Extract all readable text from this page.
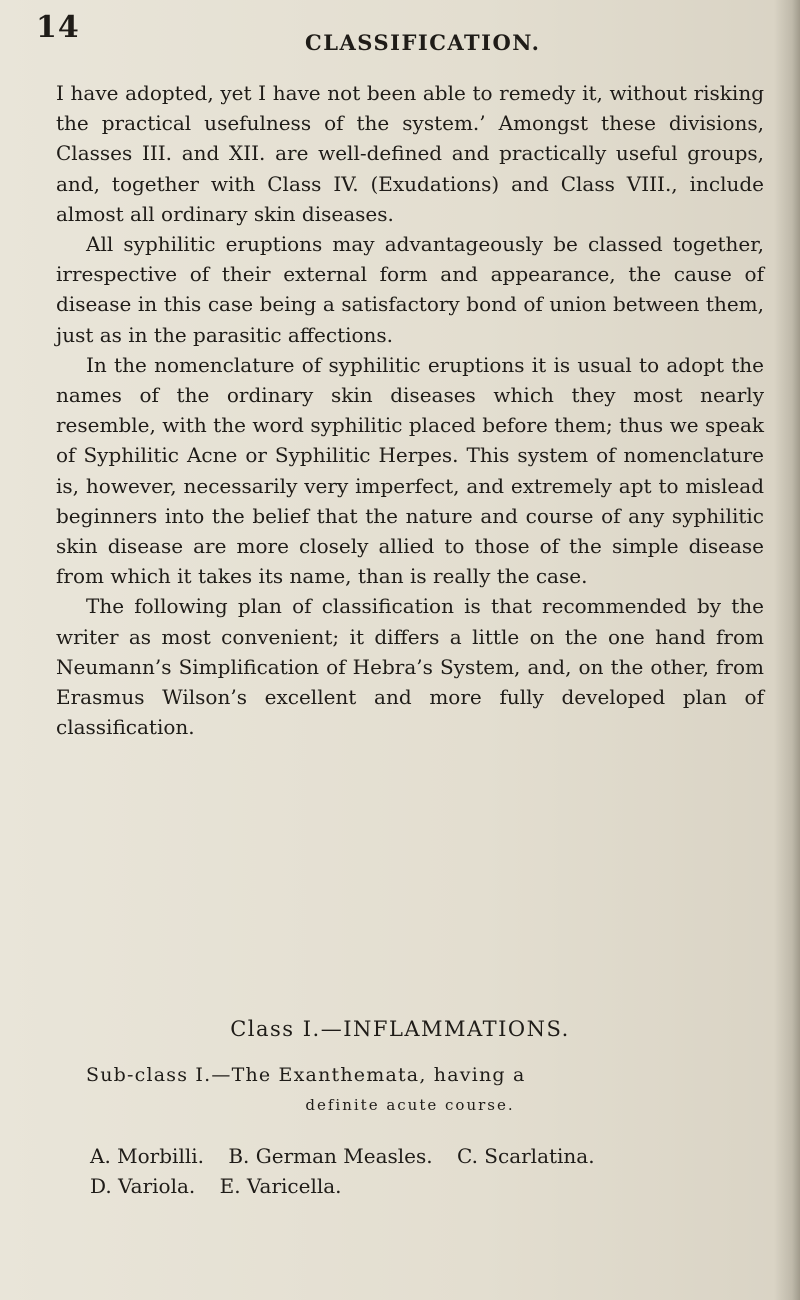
14	CLASSIFICATION.

I have adopted, yet I have not been able to remedy it, without risking the practical usefulness of the system.’ Amongst these divisions, Classes III. and XII. are well-defined and practically useful groups, and, together with Class IV. (Exudations) and Class VIII., include almost all ordinary skin diseases.

All syphilitic eruptions may advantageously be classed together, irrespective of their external form and appearance, the cause of disease in this case being a satisfactory bond of union between them, just as in the parasitic affections.

In the nomenclature of syphilitic eruptions it is usual to adopt the names of the ordinary skin diseases which they most nearly resemble, with the word syphilitic placed before them; thus we speak of Syphilitic Acne or Syphilitic Herpes. This system of nomenclature is, however, necessarily very imperfect, and extremely apt to mislead beginners into the belief that the nature and course of any syphilitic skin disease are more closely allied to those of the simple disease from which it takes its name, than is really the case.

The following plan of classification is that recommended by the writer as most convenient; it differs a little on the one hand from Neumann’s Simplification of Hebra’s System, and, on the other, from Erasmus Wilson’s excellent and more fully developed plan of classification.

Class I.—INFLAMMATIONS.
Sub-class I.—The Exanthemata, having a
definite acute course.
A. Morbilli. B. German Measles. C. Scarlatina.
D. Variola. E. Varicella.
